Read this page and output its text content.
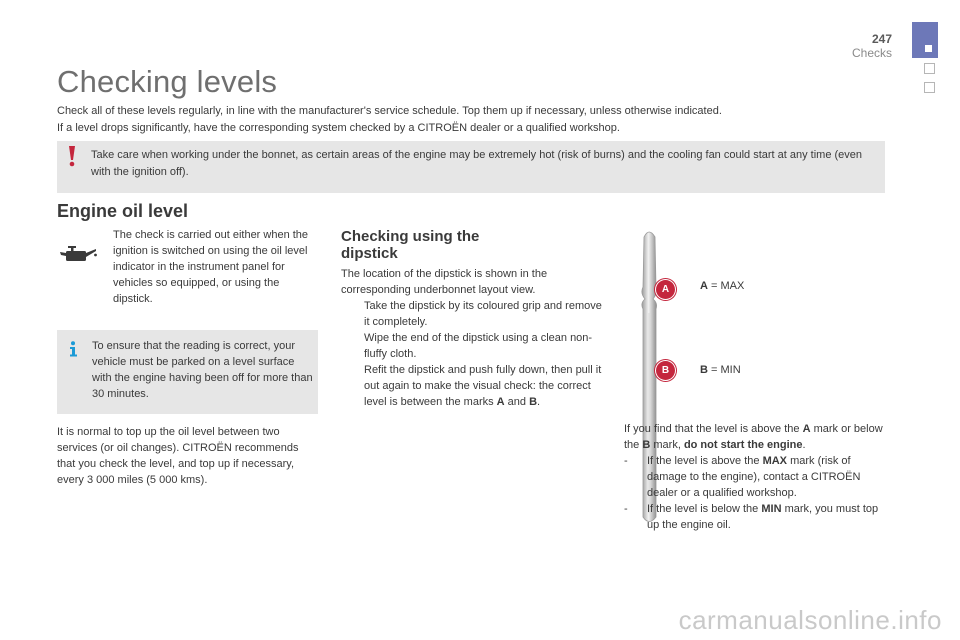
247
Checks
Checking levels
Check all of these levels regularly, in line with the manufacturer's service schedule. Top them up if necessary, unless otherwise indicated.
If a level drops significantly, have the corresponding system checked by a CITROËN dealer or a qualified workshop.
Take care when working under the bonnet, as certain areas of the engine may be extremely hot (risk of burns) and the cooling fan could start at any time (even with the ignition off).
Engine oil level

The check is carried out either when the ignition is switched on using the oil level indicator in the instrument panel for vehicles so equipped, or using the dipstick.

To ensure that the reading is correct, your vehicle must be parked on a level surface with the engine having been off for more than 30 minutes.

It is normal to top up the oil level between two services (or oil changes). CITROËN recommends that you check the level, and top up if necessary, every 3 000 miles (5 000 kms).

Checking using the dipstick

The location of the dipstick is shown in the corresponding underbonnet layout view.

Take the dipstick by its coloured grip and remove it completely.
Wipe the end of the dipstick using a clean non-fluffy cloth.
Refit the dipstick and push fully down, then pull it out again to make the visual check: the correct level is between the marks A and B.
A	A = MAX
B	B = MIN

If you find that the level is above the A mark or below the B mark, do not start the engine.

- If the level is above the MAX mark (risk of damage to the engine), contact a CITROËN dealer or a qualified workshop.
- If the level is below the MIN mark, you must top up the engine oil.
carmanualsonline.info
